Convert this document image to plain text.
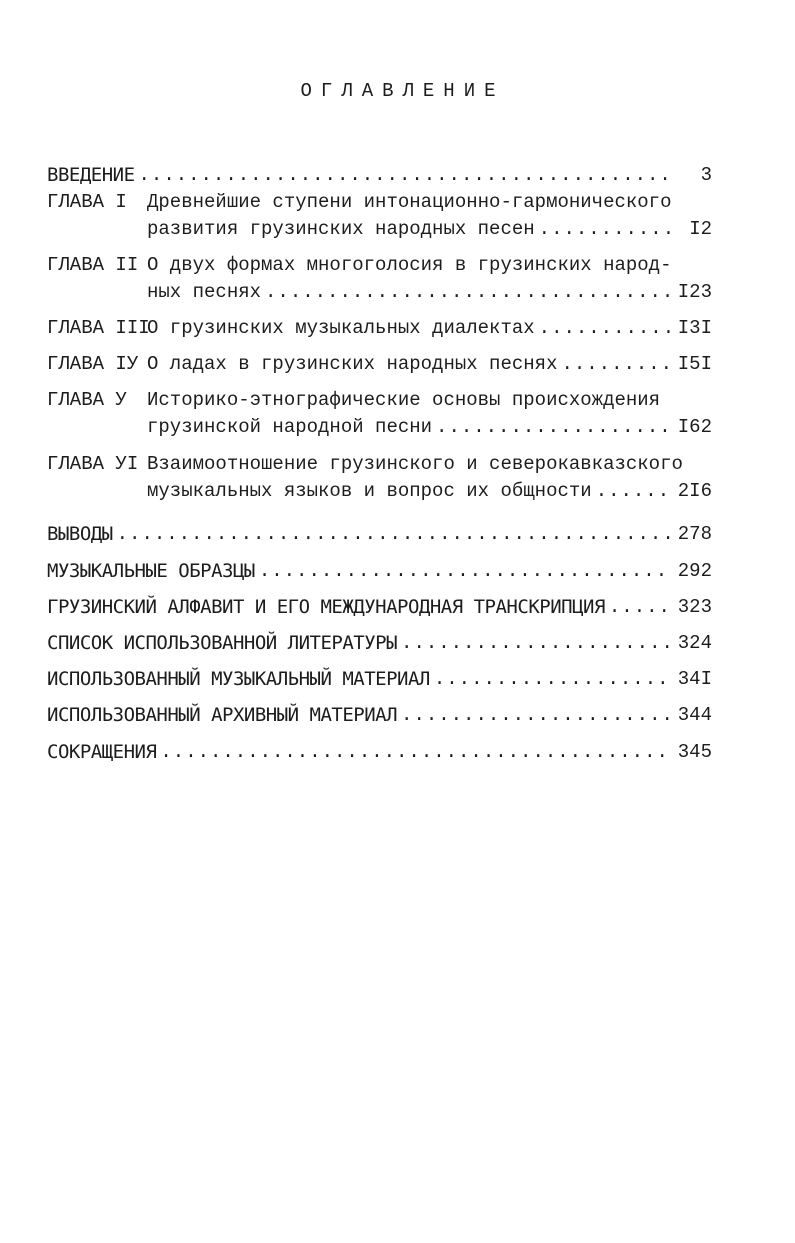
ОГЛАВЛЕНИЕ
ВВЕДЕНИЕ .....	3
ГЛАВА I	Древнейшие ступени интонационно-гармонического
развития грузинских народных песен .....	I2
ГЛАВА II О двух формах многоголосия в грузинских народ-
ных песнях .....	I23
ГЛАВА III
О грузинских музыкальных диалектах .....	I3I
ГЛАВА IУ О ладах в грузинских народных песнях .....	I5I
ГЛАВА У	Историко-этнографические основы происхождения
грузинской народной песни .....	I62
ГЛАВА УI Взаимоотношение грузинского и северокавказского
музыкальных языков и вопрос их общности .....	2I6
ВЫВОДЫ .....	278
МУЗЫКАЛЬНЫЕ ОБРАЗЦЫ .....	292
ГРУЗИНСКИЙ АЛФАВИТ И ЕГО МЕЖДУНАРОДНАЯ ТРАНСКРИПЦИЯ .....	323
СПИСОК ИСПОЛЬЗОВАННОЙ ЛИТЕРАТУРЫ .....	324
ИСПОЛЬЗОВАННЫЙ МУЗЫКАЛЬНЫЙ МАТЕРИАЛ .....	34I
ИСПОЛЬЗОВАННЫЙ АРХИВНЫЙ МАТЕРИАЛ .....	344
СОКРАЩЕНИЯ .....	345
